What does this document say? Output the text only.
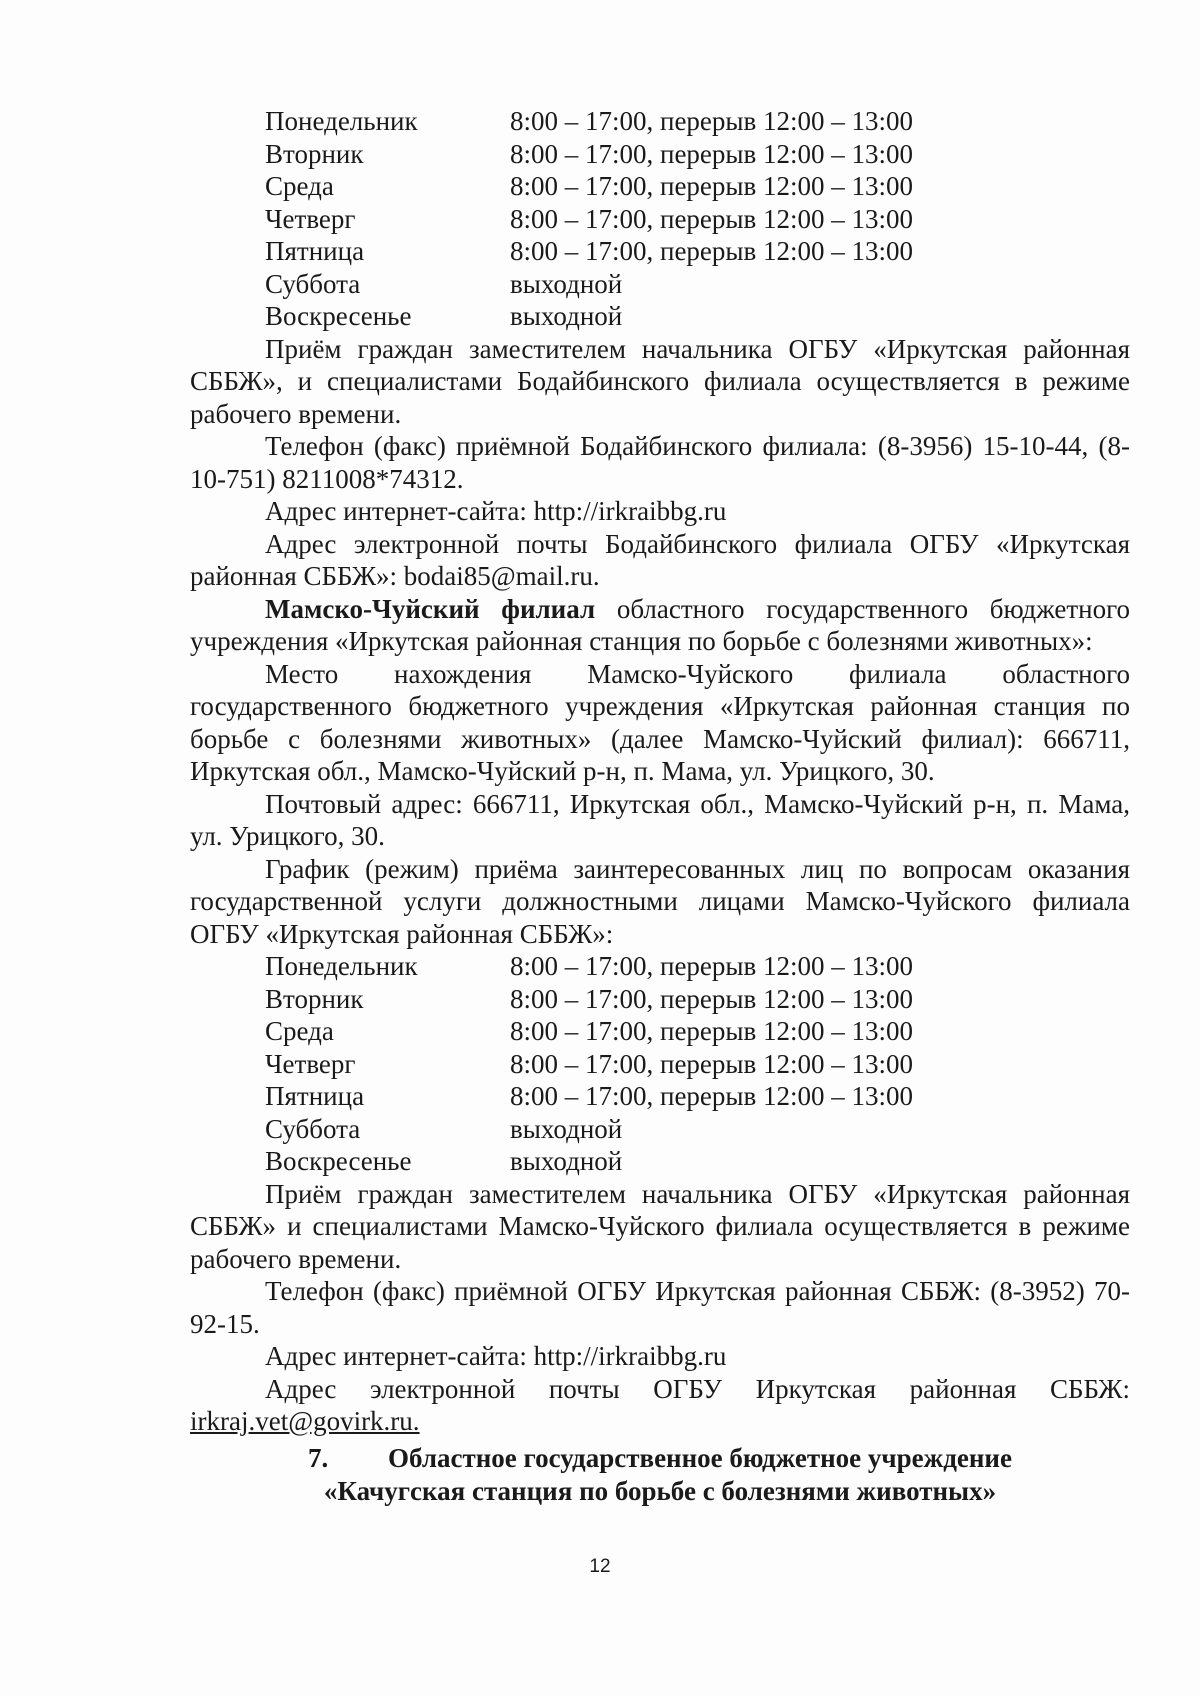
Понедельник	8:00 – 17:00, перерыв 12:00 – 13:00
Вторник	8:00 – 17:00, перерыв 12:00 – 13:00
Среда	8:00 – 17:00, перерыв 12:00 – 13:00
Четверг	8:00 – 17:00, перерыв 12:00 – 13:00
Пятница	8:00 – 17:00, перерыв 12:00 – 13:00
Суббота	выходной
Воскресенье	выходной

Приём граждан заместителем начальника ОГБУ «Иркутская районная СББЖ», и специалистами Бодайбинского филиала осуществляется в режиме рабочего времени.

Телефон (факс) приёмной Бодайбинского филиала: (8-3956) 15-10-44, (8-10-751) 8211008*74312.

Адрес интернет-сайта: http://irkraibbg.ru

Адрес электронной почты Бодайбинского филиала ОГБУ «Иркутская районная СББЖ»: bodai85@mail.ru.

Мамско-Чуйский филиал областного государственного бюджетного учреждения «Иркутская районная станция по борьбе с болезнями животных»:

Место нахождения Мамско-Чуйского филиала областного государственного бюджетного учреждения «Иркутская районная станция по борьбе с болезнями животных» (далее Мамско-Чуйский филиал): 666711, Иркутская обл., Мамско-Чуйский р-н, п. Мама, ул. Урицкого, 30.

Почтовый адрес: 666711, Иркутская обл., Мамско-Чуйский р-н, п. Мама, ул. Урицкого, 30.

График (режим) приёма заинтересованных лиц по вопросам оказания государственной услуги должностными лицами Мамско-Чуйского филиала ОГБУ «Иркутская районная СББЖ»:

Понедельник	8:00 – 17:00, перерыв 12:00 – 13:00
Вторник	8:00 – 17:00, перерыв 12:00 – 13:00
Среда	8:00 – 17:00, перерыв 12:00 – 13:00
Четверг	8:00 – 17:00, перерыв 12:00 – 13:00
Пятница	8:00 – 17:00, перерыв 12:00 – 13:00
Суббота	выходной
Воскресенье	выходной

Приём граждан заместителем начальника ОГБУ «Иркутская районная СББЖ» и специалистами Мамско-Чуйского филиала осуществляется в режиме рабочего времени.

Телефон (факс) приёмной ОГБУ Иркутская районная СББЖ: (8-3952) 70-92-15.

Адрес интернет-сайта: http://irkraibbg.ru

Адрес электронной почты ОГБУ Иркутская районная СББЖ: irkraj.vet@govirk.ru.

7. Областное государственное бюджетное учреждение
«Качугская станция по борьбе с болезнями животных»
12
